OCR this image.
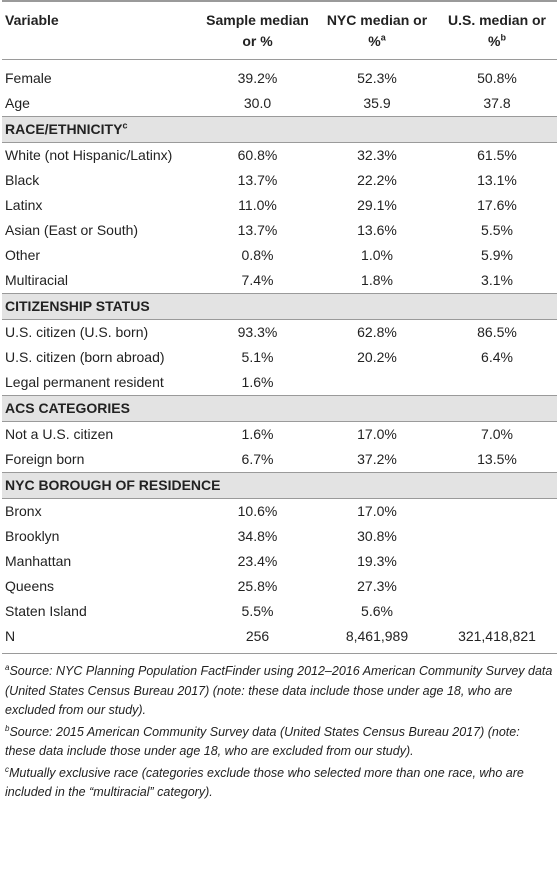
Variable	Sample median or %	NYC median or %$^a$	U.S. median or %$^b$
Female	39.2%	52.3%	50.8%
Age	30.0	35.9	37.8
RACE/ETHNICITY$^c$
White (not Hispanic/Latinx)	60.8%	32.3%	61.5%
Black	13.7%	22.2%	13.1%
Latinx	11.0%	29.1%	17.6%
Asian (East or South)	13.7%	13.6%	5.5%
Other	0.8%	1.0%	5.9%
Multiracial	7.4%	1.8%	3.1%
CITIZENSHIP STATUS			
U.S. citizen (U.S. born)	93.3%	62.8%	86.5%
U.S. citizen (born abroad)	5.1%	20.2%	6.4%
Legal permanent resident	1.6%		
ACS CATEGORIES			
Not a U.S. citizen	1.6%	17.0%	7.0%
Foreign born	6.7%	37.2%	13.5%
NYC BOROUGH OF RESIDENCE			
Bronx	10.6%	17.0%	
Brooklyn	34.8%	30.8%	
Manhattan	23.4%	19.3%	
Queens	25.8%	27.3%	
Staten Island	5.5%	5.6%	
N	256	8,461,989	321,418,821
$^a$Source: NYC Planning Population FactFinder using 2012–2016 American Community Survey data (United States Census Bureau 2017) (note: these data include those under age 18, who are excluded from our study).
$^b$Source: 2015 American Community Survey data (United States Census Bureau 2017) (note: these data include those under age 18, who are excluded from our study).
$^c$Mutually exclusive race (categories exclude those who selected more than one race, who are included in the “multiracial” category).
